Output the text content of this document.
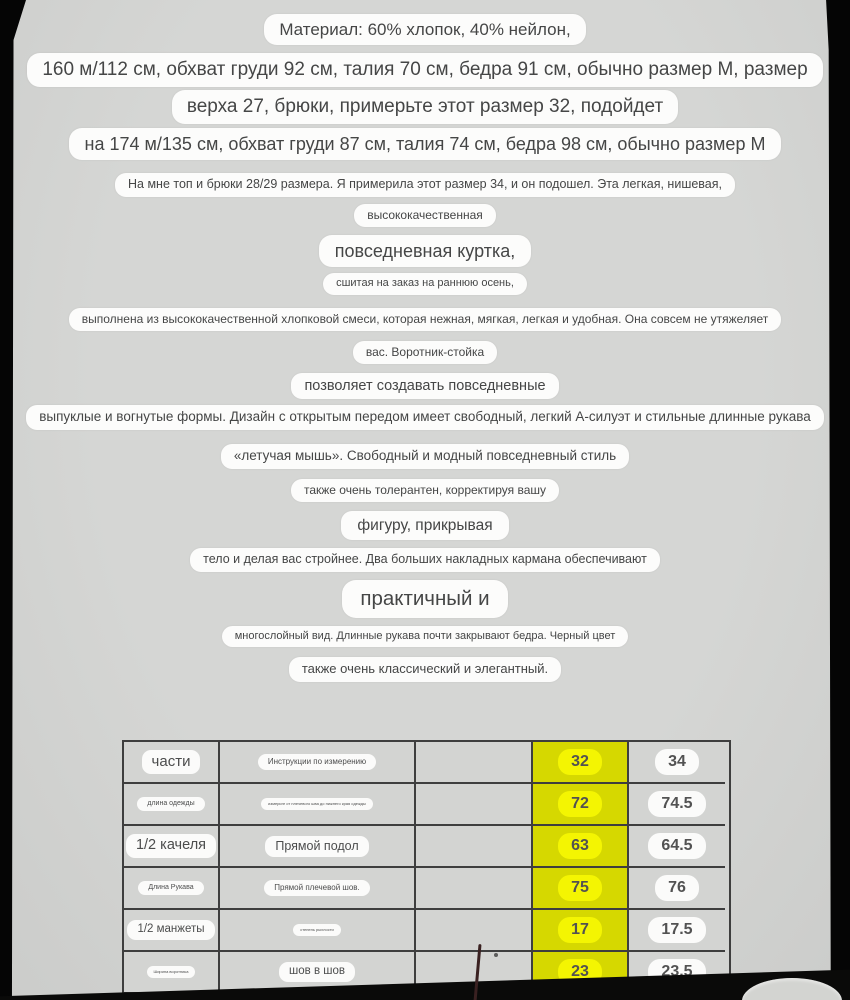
Материал: 60% хлопок, 40% нейлон,
160 м/112 см, обхват груди 92 см, талия 70 см, бедра 91 см, обычно размер М, размер
верха 27, брюки, примерьте этот размер 32, подойдет
на 174 м/135 см, обхват груди 87 см, талия 74 см, бедра 98 см, обычно размер М
На мне топ и брюки 28/29 размера. Я примерила этот размер 34, и он подошел. Эта легкая, нишевая,
высококачественная
повседневная куртка,
сшитая на заказ на раннюю осень,
выполнена из высококачественной хлопковой смеси, которая нежная, мягкая, легкая и удобная. Она совсем не утяжеляет
вас. Воротник-стойка
позволяет создавать повседневные
выпуклые и вогнутые формы. Дизайн с открытым передом имеет свободный, легкий А-силуэт и стильные длинные рукава
«летучая мышь». Свободный и модный повседневный стиль
также очень толерантен, корректируя вашу
фигуру, прикрывая
тело и делая вас стройнее. Два больших накладных кармана обеспечивают
практичный и
многослойный вид. Длинные рукава почти закрывают бедра. Черный цвет
также очень классический и элегантный.
части	Инструкции по измерению	32	34
длина одежды	измерьте от плечевого шва до нижнего края одежды	72	74.5
1/2 качеля	Прямой подол	63	64.5
Длина Рукава	Прямой плечевой шов.	75	76
1/2 манжеты	степень рыхлости	17	17.5
Ширина воротника	шов в шов	23	23.5
